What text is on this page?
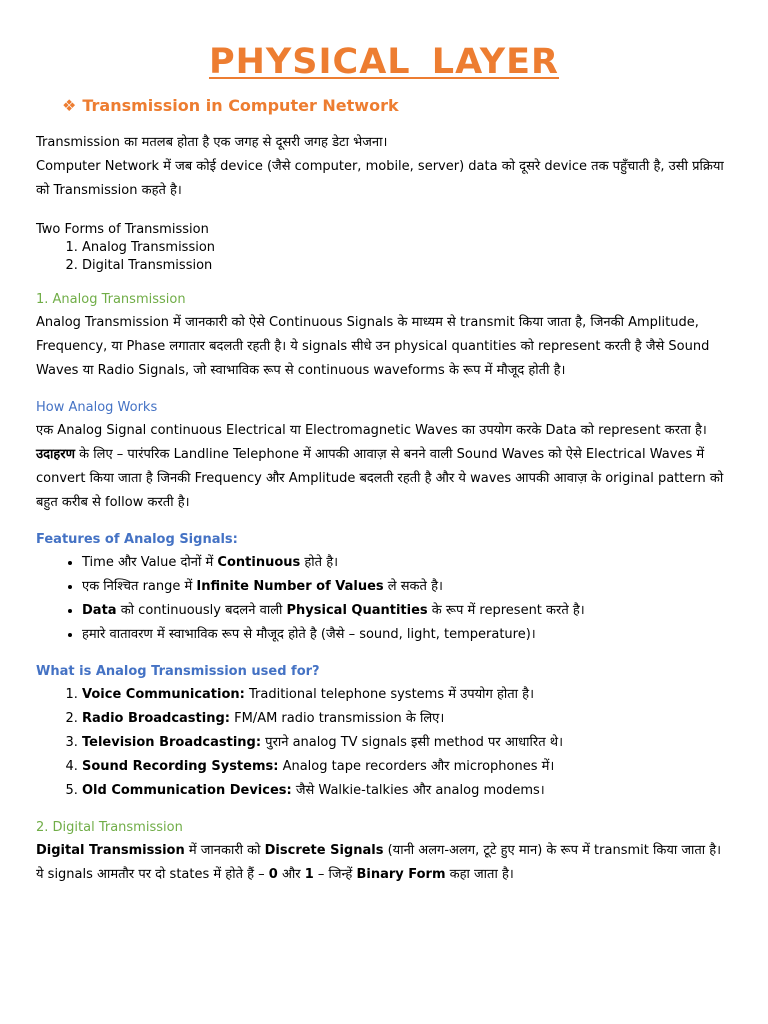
PHYSICAL LAYER
❖ Transmission in Computer Network

Transmission का मतलब होता है एक जगह से दूसरी जगह डेटा भेजना।

Computer Network में जब कोई device (जैसे computer, mobile, server) data को दूसरे device तक पहुँचाती है, उसी प्रक्रिया को Transmission कहते है।

Two Forms of Transmission

1. Analog Transmission
2. Digital Transmission
1. Analog Transmission

Analog Transmission में जानकारी को ऐसे Continuous Signals के माध्यम से transmit किया जाता है, जिनकी Amplitude, Frequency, या Phase लगातार बदलती रहती है। ये signals सीधे उन physical quantities को represent करती है जैसे Sound Waves या Radio Signals, जो स्वाभाविक रूप से continuous waveforms के रूप में मौजूद होती है।

How Analog Works

एक Analog Signal continuous Electrical या Electromagnetic Waves का उपयोग करके Data को represent करता है।

उदाहरण के लिए – पारंपरिक Landline Telephone में आपकी आवाज़ से बनने वाली Sound Waves को ऐसे Electrical Waves में convert किया जाता है जिनकी Frequency और Amplitude बदलती रहती है और ये waves आपकी आवाज़ के original pattern को बहुत करीब से follow करती है।

Features of Analog Signals:
• Time और Value दोनों में Continuous होते है।
• एक निश्चित range में Infinite Number of Values ले सकते है।
• Data को continuously बदलने वाली Physical Quantities के रूप में represent करते है।
• हमारे वातावरण में स्वाभाविक रूप से मौजूद होते है (जैसे – sound, light, temperature)।
What is Analog Transmission used for?
1. Voice Communication: Traditional telephone systems में उपयोग होता है।
2. Radio Broadcasting: FM/AM radio transmission के लिए।
3. Television Broadcasting: पुराने analog TV signals इसी method पर आधारित थे।
4. Sound Recording Systems: Analog tape recorders और microphones में।
5. Old Communication Devices: जैसे Walkie-talkies और analog modems।
2. Digital Transmission

Digital Transmission में जानकारी को Discrete Signals (यानी अलग-अलग, टूटे हुए मान) के रूप में transmit किया जाता है। ये signals आमतौर पर दो states में होते हैं – 0 और 1 – जिन्हें Binary Form कहा जाता है।
